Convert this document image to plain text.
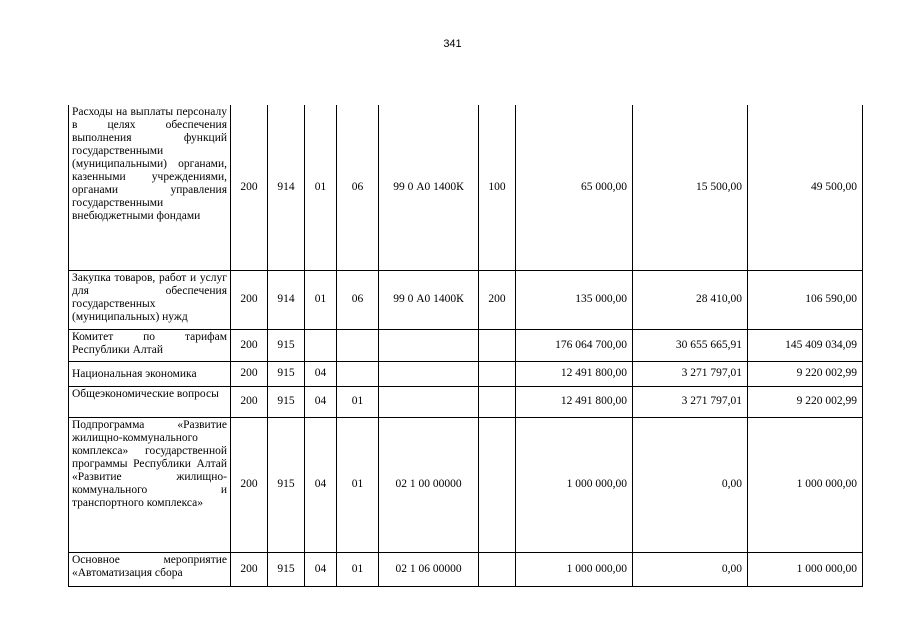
341
Расходы на выплаты персоналу в целях обеспечения выполнения функций государственными (муниципальными) органами, казенными учреждениями, органами управления государственными внебюджетными фондами	200	914	01	06	99 0 А0 1400К	100	65 000,00	15 500,00	49 500,00
Закупка товаров, работ и услуг для обеспечения государственных (муниципальных) нужд	200	914	01	06	99 0 А0 1400К	200	135 000,00	28 410,00	106 590,00
Комитет по тарифам Республики Алтай	200	915					176 064 700,00	30 655 665,91	145 409 034,09
Национальная экономика	200	915	04				12 491 800,00	3 271 797,01	9 220 002,99
Общеэкономические вопросы	200	915	04	01			12 491 800,00	3 271 797,01	9 220 002,99
Подпрограмма «Развитие жилищно-коммунального комплекса» государственной программы Республики Алтай «Развитие жилищно-коммунального и транспортного комплекса»	200	915	04	01	02 1 00 00000		1 000 000,00	0,00	1 000 000,00
Основное мероприятие «Автоматизация сбора	200	915	04	01	02 1 06 00000		1 000 000,00	0,00	1 000 000,00
